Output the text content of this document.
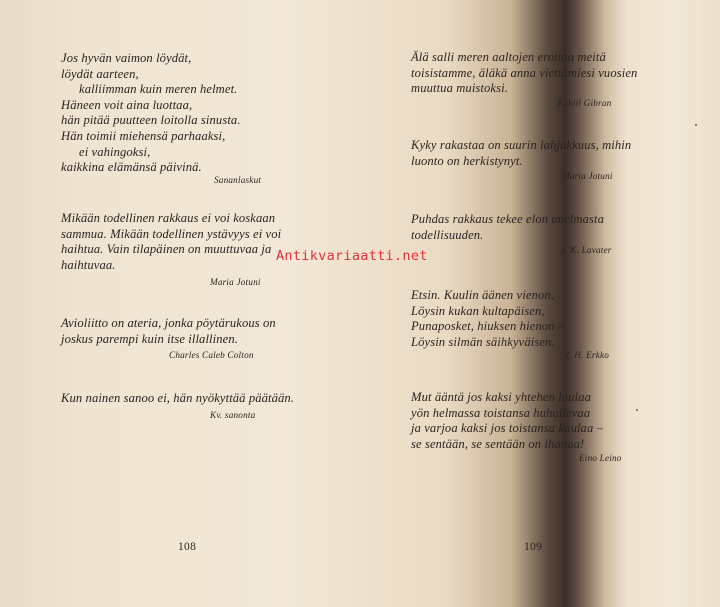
Jos hyvän vaimon löydät,
löydät aarteen,
kalliimman kuin meren helmet.
Häneen voit aina luottaa,
hän pitää puutteen loitolla sinusta.
Hän toimii miehensä parhaaksi,
ei vahingoksi,
kaikkina elämänsä päivinä.
Sananlaskut
Mikään todellinen rakkaus ei voi koskaan
sammua. Mikään todellinen ystävyys ei voi
haihtua. Vain tilapäinen on muuttuvaa ja
haihtuvaa.
Maria Jotuni
Avioliitto on ateria, jonka pöytärukous on
joskus parempi kuin itse illallinen.
Charles Caleb Colton
Kun nainen sanoo ei, hän nyökyttää päätään.
Kv. sanonta
108
Älä salli meren aaltojen erottaa meitä
toisistamme, äläkä anna viettämiesi vuosien
muuttua muistoksi.
Kahlil Gibran
Kyky rakastaa on suurin lahjakkuus, mihin
luonto on herkistynyt.
Maria Jotuni
Puhdas rakkaus tekee elon unelmasta
todellisuuden.
J. K. Lavater
Etsin. Kuulin äänen vienon,
Löysin kukan kultapäisen,
Punaposket, hiuksen hienon –
Löysin silmän säihkyväisen.
J. H. Erkko
Mut ääntä jos kaksi yhtehen laulaa
yön helmassa toistansa huhuilevaa
ja varjoa kaksi jos toistansa kaulaa –
se sentään, se sentään on ihanaa!
Eino Leino
109
Antikvariaatti.net
